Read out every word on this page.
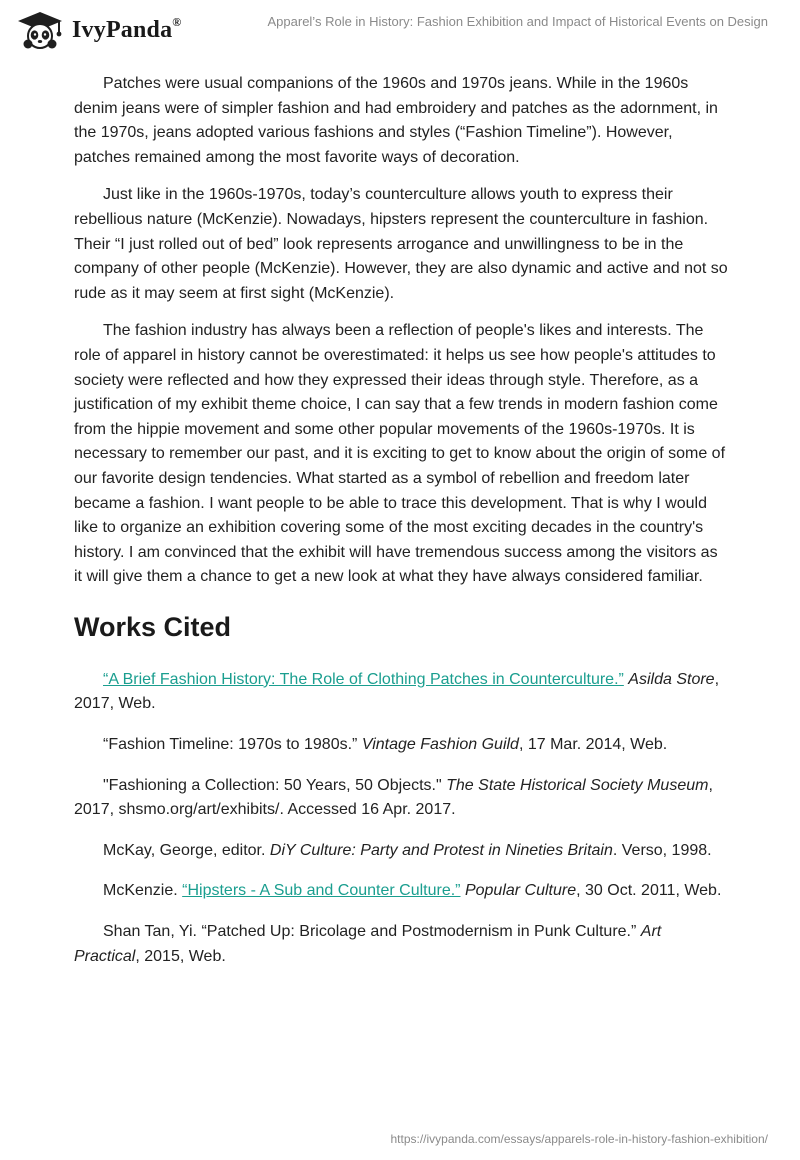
IvyPanda®	Apparel’s Role in History: Fashion Exhibition and Impact of Historical Events on Design

Patches were usual companions of the 1960s and 1970s jeans. While in the 1960s denim jeans were of simpler fashion and had embroidery and patches as the adornment, in the 1970s, jeans adopted various fashions and styles (“Fashion Timeline”). However, patches remained among the most favorite ways of decoration.

Just like in the 1960s-1970s, today’s counterculture allows youth to express their rebellious nature (McKenzie). Nowadays, hipsters represent the counterculture in fashion. Their “I just rolled out of bed” look represents arrogance and unwillingness to be in the company of other people (McKenzie). However, they are also dynamic and active and not so rude as it may seem at first sight (McKenzie).

The fashion industry has always been a reflection of people's likes and interests. The role of apparel in history cannot be overestimated: it helps us see how people's attitudes to society were reflected and how they expressed their ideas through style. Therefore, as a justification of my exhibit theme choice, I can say that a few trends in modern fashion come from the hippie movement and some other popular movements of the 1960s-1970s. It is necessary to remember our past, and it is exciting to get to know about the origin of some of our favorite design tendencies. What started as a symbol of rebellion and freedom later became a fashion. I want people to be able to trace this development. That is why I would like to organize an exhibition covering some of the most exciting decades in the country's history. I am convinced that the exhibit will have tremendous success among the visitors as it will give them a chance to get a new look at what they have always considered familiar.

Works Cited

“A Brief Fashion History: The Role of Clothing Patches in Counterculture.” Asilda Store, 2017, Web.

“Fashion Timeline: 1970s to 1980s.” Vintage Fashion Guild, 17 Mar. 2014, Web.

"Fashioning a Collection: 50 Years, 50 Objects." The State Historical Society Museum, 2017, shsmo.org/art/exhibits/. Accessed 16 Apr. 2017.

McKay, George, editor. DiY Culture: Party and Protest in Nineties Britain. Verso, 1998.

McKenzie. “Hipsters - A Sub and Counter Culture.” Popular Culture, 30 Oct. 2011, Web.

Shan Tan, Yi. “Patched Up: Bricolage and Postmodernism in Punk Culture.” Art Practical, 2015, Web.

https://ivypanda.com/essays/apparels-role-in-history-fashion-exhibition/
